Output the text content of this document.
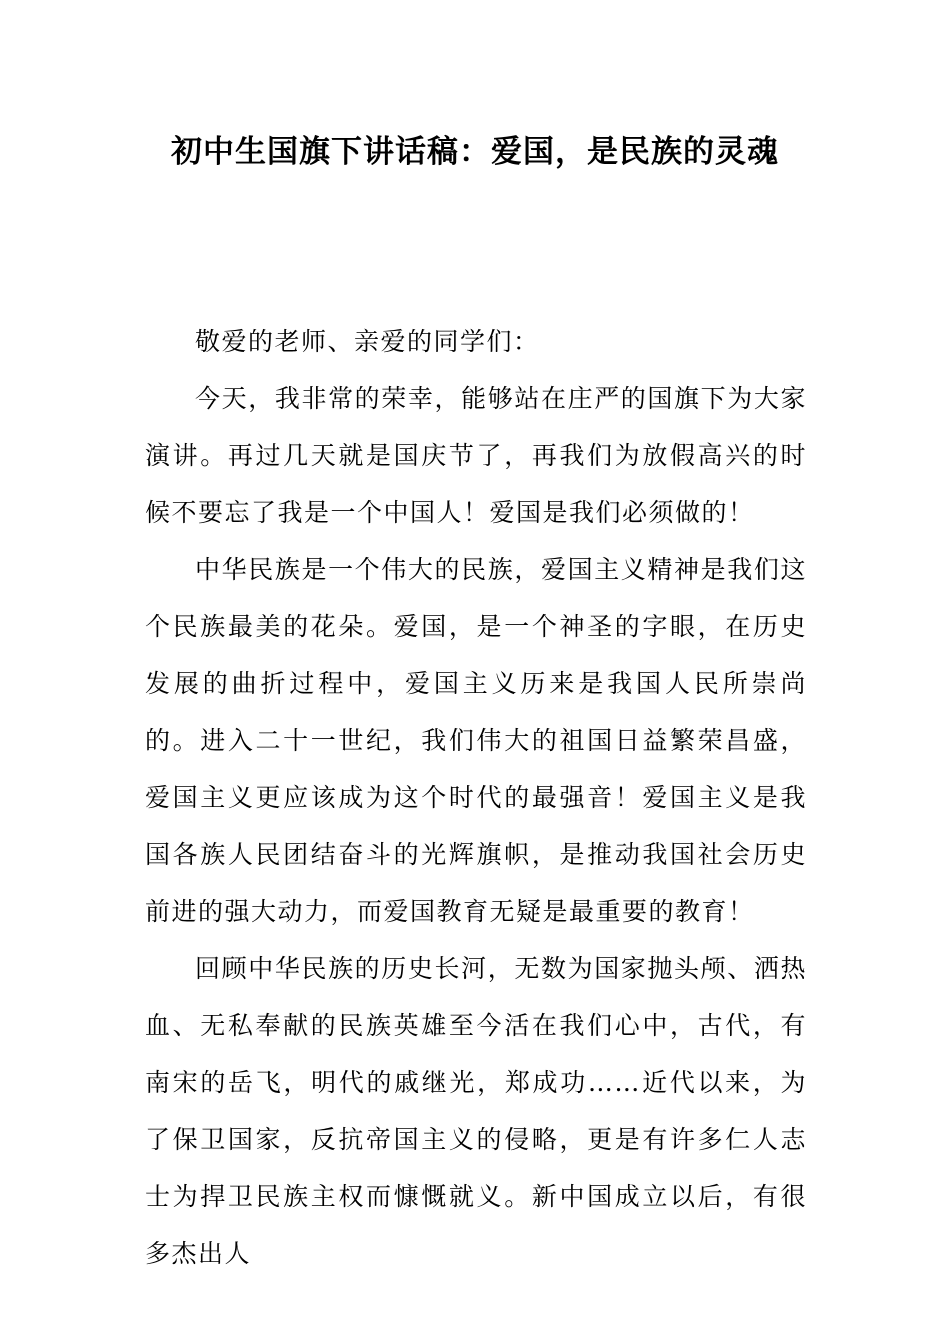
初中生国旗下讲话稿：爱国，是民族的灵魂

敬爱的老师、亲爱的同学们：

今天，我非常的荣幸，能够站在庄严的国旗下为大家演讲。再过几天就是国庆节了，再我们为放假高兴的时候不要忘了我是一个中国人！爱国是我们必须做的！

中华民族是一个伟大的民族，爱国主义精神是我们这个民族最美的花朵。爱国，是一个神圣的字眼，在历史发展的曲折过程中，爱国主义历来是我国人民所崇尚的。进入二十一世纪，我们伟大的祖国日益繁荣昌盛，爱国主义更应该成为这个时代的最强音！爱国主义是我国各族人民团结奋斗的光辉旗帜，是推动我国社会历史前进的强大动力，而爱国教育无疑是最重要的教育！

回顾中华民族的历史长河，无数为国家抛头颅、洒热血、无私奉献的民族英雄至今活在我们心中，古代，有南宋的岳飞，明代的戚继光，郑成功……近代以来，为了保卫国家，反抗帝国主义的侵略，更是有许多仁人志士为捍卫民族主权而慷慨就义。新中国成立以后，有很多杰出人
